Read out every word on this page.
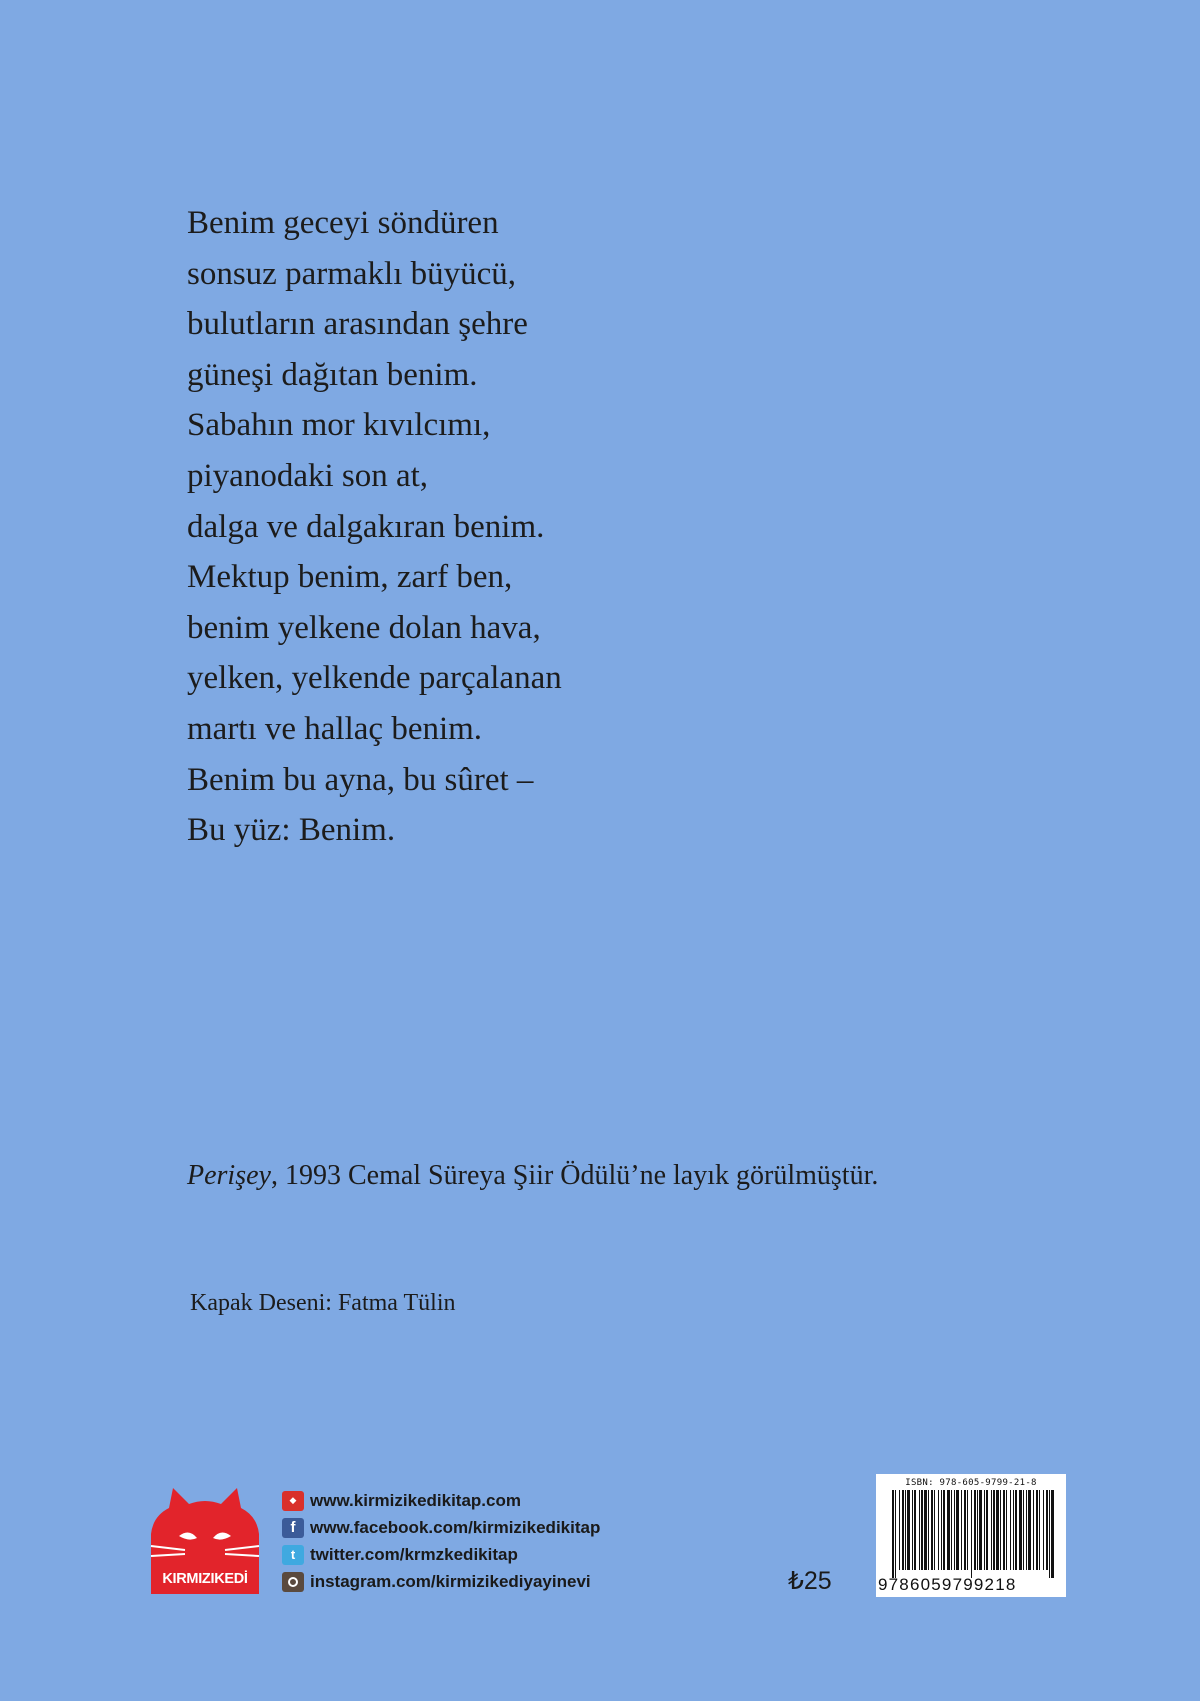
Benim geceyi söndüren
sonsuz parmaklı büyücü,
bulutların arasından şehre
güneşi dağıtan benim.
Sabahın mor kıvılcımı,
piyanodaki son at,
dalga ve dalgakıran benim.
Mektup benim, zarf ben,
benim yelkene dolan hava,
yelken, yelkende parçalanan
martı ve hallaç benim.
Benim bu ayna, bu sûret –
Bu yüz: Benim.
Perişey, 1993 Cemal Süreya Şiir Ödülü’ne layık görülmüştür.
Kapak Deseni: Fatma Tülin
KIRMIZIKEDİ
◆ www.kirmizikedikitap.com
f www.facebook.com/kirmizikedikitap
t twitter.com/krmzkedikitap
instagram.com/kirmizikediyayinevi	₺25
ISBN: 978-605-9799-21-8
9786059799218
